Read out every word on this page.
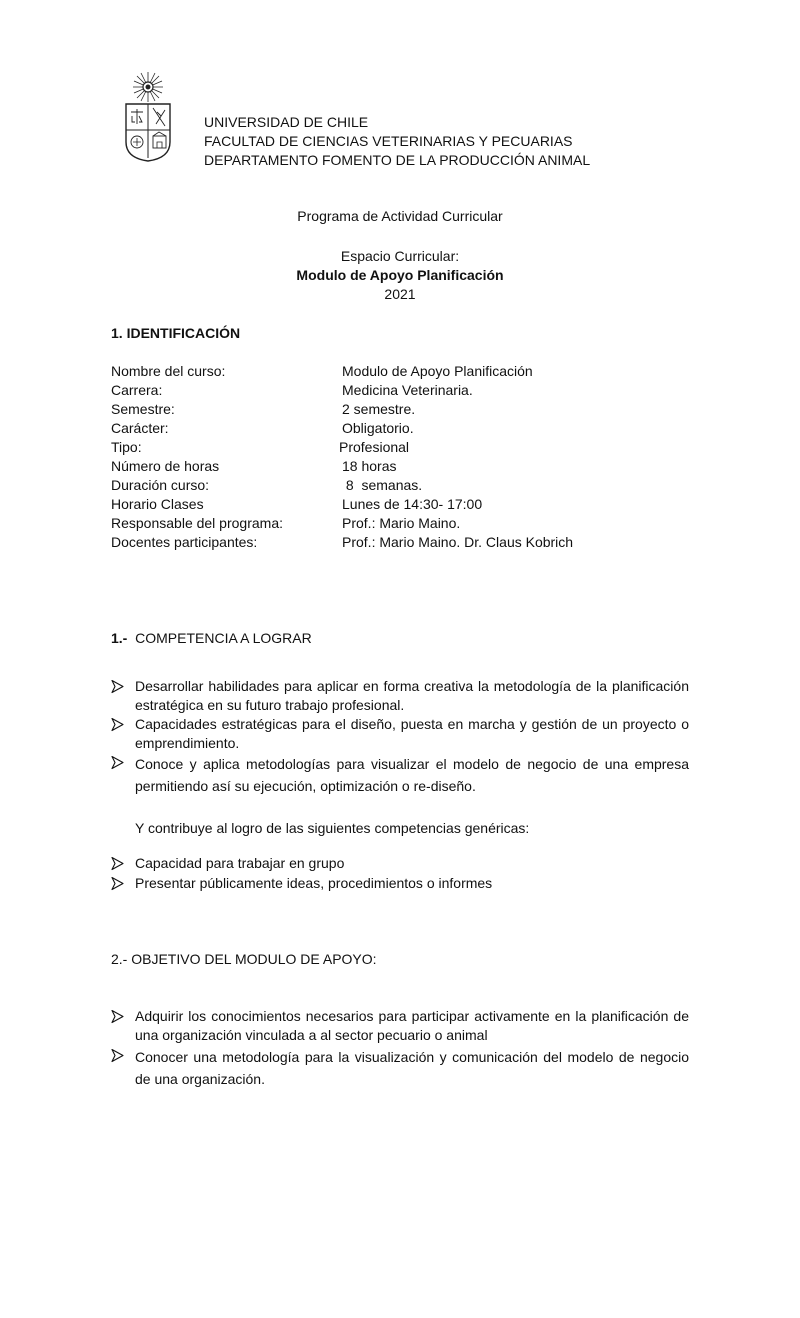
UNIVERSIDAD DE CHILE
FACULTAD DE CIENCIAS VETERINARIAS Y PECUARIAS
DEPARTAMENTO FOMENTO DE LA PRODUCCIÓN ANIMAL
Programa de Actividad Curricular
Espacio Curricular:
Modulo de Apoyo Planificación
2021
1. IDENTIFICACIÓN
Nombre del curso:	Modulo de Apoyo Planificación
Carrera:	Medicina Veterinaria.
Semestre:	2 semestre.
Carácter:	Obligatorio.
Tipo:	Profesional
Número de horas	18 horas
Duración curso:	8  semanas.
Horario Clases	Lunes de 14:30- 17:00
Responsable del programa:	Prof.: Mario Maino.
Docentes participantes:	Prof.: Mario Maino. Dr. Claus Kobrich
1.- COMPETENCIA A LOGRAR
Desarrollar habilidades para aplicar en forma creativa la metodología de la planificación estratégica en su futuro trabajo profesional.
Capacidades estratégicas para el diseño, puesta en marcha y gestión de un proyecto o emprendimiento.
Conoce y aplica metodologías para visualizar el modelo de negocio de una empresa permitiendo así su ejecución, optimización o re-diseño.
Y contribuye al logro de las siguientes competencias genéricas:
Capacidad para trabajar en grupo
Presentar públicamente ideas, procedimientos o informes
2.- OBJETIVO DEL MODULO DE APOYO:
Adquirir los conocimientos necesarios para participar activamente en la planificación de una organización vinculada a al sector pecuario o animal
Conocer una metodología para la visualización y comunicación del modelo de negocio de una organización.
